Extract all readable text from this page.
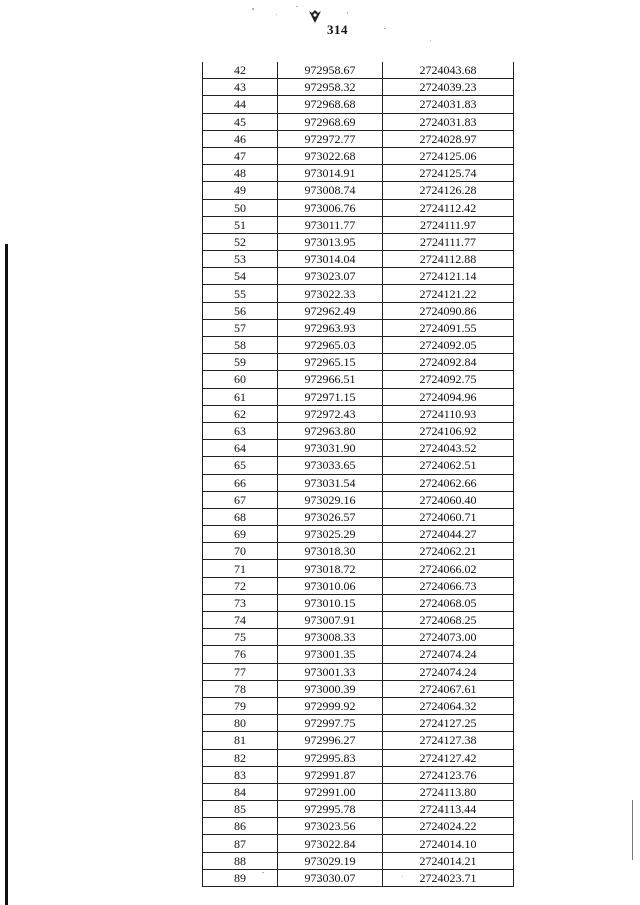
314
42	972958.67	2724043.68
43	972958.32	2724039.23
44	972968.68	2724031.83
45	972968.69	2724031.83
46	972972.77	2724028.97
47	973022.68	2724125.06
48	973014.91	2724125.74
49	973008.74	2724126.28
50	973006.76	2724112.42
51	973011.77	2724111.97
52	973013.95	2724111.77
53	973014.04	2724112.88
54	973023.07	2724121.14
55	973022.33	2724121.22
56	972962.49	2724090.86
57	972963.93	2724091.55
58	972965.03	2724092.05
59	972965.15	2724092.84
60	972966.51	2724092.75
61	972971.15	2724094.96
62	972972.43	2724110.93
63	972963.80	2724106.92
64	973031.90	2724043.52
65	973033.65	2724062.51
66	973031.54	2724062.66
67	973029.16	2724060.40
68	973026.57	2724060.71
69	973025.29	2724044.27
70	973018.30	2724062.21
71	973018.72	2724066.02
72	973010.06	2724066.73
73	973010.15	2724068.05
74	973007.91	2724068.25
75	973008.33	2724073.00
76	973001.35	2724074.24
77	973001.33	2724074.24
78	973000.39	2724067.61
79	972999.92	2724064.32
80	972997.75	2724127.25
81	972996.27	2724127.38
82	972995.83	2724127.42
83	972991.87	2724123.76
84	972991.00	2724113.80
85	972995.78	2724113.44
86	973023.56	2724024.22
87	973022.84	2724014.10
88	973029.19	2724014.21
89	973030.07	2724023.71
